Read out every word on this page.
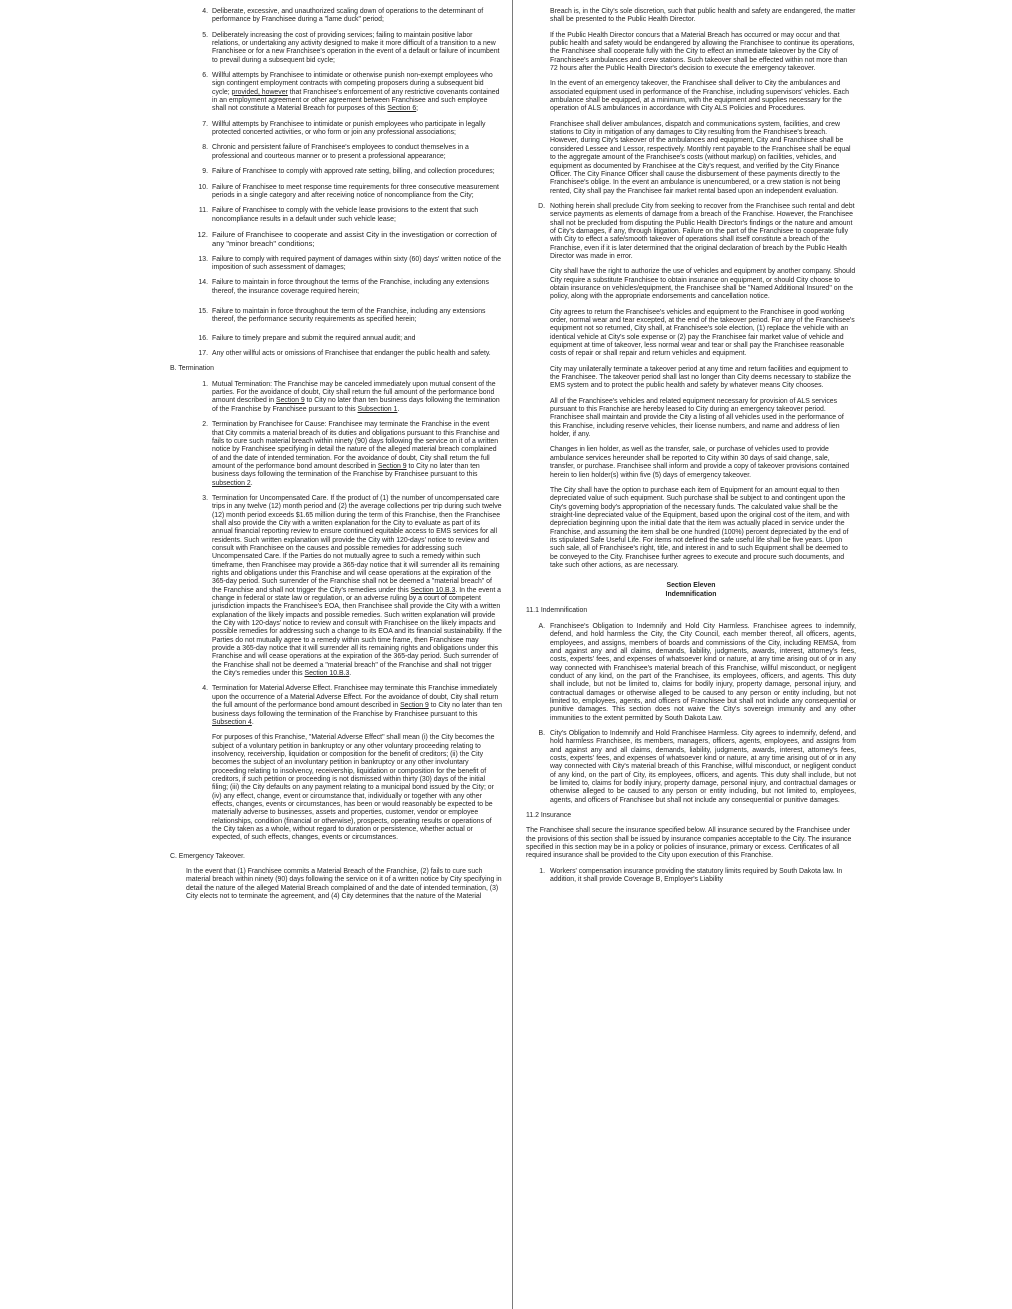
4. Deliberate, excessive, and unauthorized scaling down of operations to the determinant of performance by Franchisee during a "lame duck" period;
5. Deliberately increasing the cost of providing services; failing to maintain positive labor relations, or undertaking any activity designed to make it more difficult of a transition to a new Franchisee or for a new Franchisee's operation in the event of a default or failure of incumbent to prevail during a subsequent bid cycle;
6. Willful attempts by Franchisee to intimidate or otherwise punish non-exempt employees who sign contingent employment contracts with competing proposers during a subsequent bid cycle; provided, however that Franchisee's enforcement of any restrictive covenants contained in an employment agreement or other agreement between Franchisee and such employee shall not constitute a Material Breach for purposes of this Section 6;
7. Willful attempts by Franchisee to intimidate or punish employees who participate in legally protected concerted activities, or who form or join any professional associations;
8. Chronic and persistent failure of Franchisee's employees to conduct themselves in a professional and courteous manner or to present a professional appearance;
9. Failure of Franchisee to comply with approved rate setting, billing, and collection procedures;
10. Failure of Franchisee to meet response time requirements for three consecutive measurement periods in a single category and after receiving notice of noncompliance from the City;
11. Failure of Franchisee to comply with the vehicle lease provisions to the extent that such noncompliance results in a default under such vehicle lease;
12. Failure of Franchisee to cooperate and assist City in the investigation or correction of any "minor breach" conditions;
13. Failure to comply with required payment of damages within sixty (60) days' written notice of the imposition of such assessment of damages;
14. Failure to maintain in force throughout the terms of the Franchise, including any extensions thereof, the insurance coverage required herein;
15. Failure to maintain in force throughout the term of the Franchise, including any extensions thereof, the performance security requirements as specified herein;
16. Failure to timely prepare and submit the required annual audit; and
17. Any other willful acts or omissions of Franchisee that endanger the public health and safety.
B. Termination
1. Mutual Termination: The Franchise may be canceled immediately upon mutual consent of the parties. For the avoidance of doubt, City shall return the full amount of the performance bond amount described in Section 9 to City no later than ten business days following the termination of the Franchise by Franchisee pursuant to this Subsection 1.
2. Termination by Franchisee for Cause: Franchisee may terminate the Franchise in the event that City commits a material breach of its duties and obligations pursuant to this Franchise and fails to cure such material breach within ninety (90) days following the service on it of a written notice by Franchisee specifying in detail the nature of the alleged material breach complained of and the date of intended termination. For the avoidance of doubt, City shall return the full amount of the performance bond amount described in Section 9 to City no later than ten business days following the termination of the Franchise by Franchisee pursuant to this subsection 2.
3. Termination for Uncompensated Care. If the product of (1) the number of uncompensated care trips in any twelve (12) month period and (2) the average collections per trip during such twelve (12) month period exceeds $1.65 million during the term of this Franchise, then the Franchisee shall also provide the City with a written explanation for the City to evaluate as part of its annual financial reporting review to ensure continued equitable access to EMS services for all residents. Such written explanation will provide the City with 120-days' notice to review and consult with Franchisee on the causes and possible remedies for addressing such Uncompensated Care. If the Parties do not mutually agree to such a remedy within such timeframe, then Franchisee may provide a 365-day notice that it will surrender all its remaining rights and obligations under this Franchise and will cease operations at the expiration of the 365-day period. Such surrender of the Franchise shall not be deemed a "material breach" of the Franchise and shall not trigger the City's remedies under this Section 10.B.3. In the event a change in federal or state law or regulation, or an adverse ruling by a court of competent jurisdiction impacts the Franchisee's EOA, then Franchisee shall provide the City with a written explanation of the likely impacts and possible remedies. Such written explanation will provide the City with 120-days' notice to review and consult with Franchisee on the likely impacts and possible remedies for addressing such a change to its EOA and its financial sustainability. If the Parties do not mutually agree to a remedy within such time frame, then Franchisee may provide a 365-day notice that it will surrender all its remaining rights and obligations under this Franchise and will cease operations at the expiration of the 365-day period. Such surrender of the Franchise shall not be deemed a "material breach" of the Franchise and shall not trigger the City's remedies under this Section 10.B.3.
4. Termination for Material Adverse Effect. Franchisee may terminate this Franchise immediately upon the occurrence of a Material Adverse Effect. For the avoidance of doubt, City shall return the full amount of the performance bond amount described in Section 9 to City no later than ten business days following the termination of the Franchise by Franchisee pursuant to this Subsection 4.

For purposes of this Franchise, "Material Adverse Effect" shall mean (i) the City becomes the subject of a voluntary petition in bankruptcy or any other voluntary proceeding relating to insolvency, receivership, liquidation or composition for the benefit of creditors; (ii) the City becomes the subject of an involuntary petition in bankruptcy or any other involuntary proceeding relating to insolvency, receivership, liquidation or composition for the benefit of creditors, if such petition or proceeding is not dismissed within thirty (30) days of the initial filing; (iii) the City defaults on any payment relating to a municipal bond issued by the City; or (iv) any effect, change, event or circumstance that, individually or together with any other effects, changes, events or circumstances, has been or would reasonably be expected to be materially adverse to businesses, assets and properties, customer, vendor or employee relationships, condition (financial or otherwise), prospects, operating results or operations of the City taken as a whole, without regard to duration or persistence, whether actual or expected, of such effects, changes, events or circumstances.

C. Emergency Takeover.

In the event that (1) Franchisee commits a Material Breach of the Franchise, (2) fails to cure such material breach within ninety (90) days following the service on it of a written notice by City specifying in detail the nature of the alleged Material Breach complained of and the date of intended termination, (3) City elects not to terminate the agreement, and (4) City determines that the nature of the Material

Breach is, in the City's sole discretion, such that public health and safety are endangered, the matter shall be presented to the Public Health Director.

If the Public Health Director concurs that a Material Breach has occurred or may occur and that public health and safety would be endangered by allowing the Franchisee to continue its operations, the Franchisee shall cooperate fully with the City to effect an immediate takeover by the City of Franchisee's ambulances and crew stations. Such takeover shall be effected within not more than 72 hours after the Public Health Director's decision to execute the emergency takeover.

In the event of an emergency takeover, the Franchisee shall deliver to City the ambulances and associated equipment used in performance of the Franchise, including supervisors' vehicles. Each ambulance shall be equipped, at a minimum, with the equipment and supplies necessary for the operation of ALS ambulances in accordance with City ALS Policies and Procedures.

Franchisee shall deliver ambulances, dispatch and communications system, facilities, and crew stations to City in mitigation of any damages to City resulting from the Franchisee's breach. However, during City's takeover of the ambulances and equipment, City and Franchisee shall be considered Lessee and Lessor, respectively. Monthly rent payable to the Franchisee shall be equal to the aggregate amount of the Franchisee's costs (without markup) on facilities, vehicles, and equipment as documented by Franchisee at the City's request, and verified by the City Finance Officer. The City Finance Officer shall cause the disbursement of these payments directly to the Franchisee's oblige. In the event an ambulance is unencumbered, or a crew station is not being rented, City shall pay the Franchisee fair market rental based upon an independent evaluation.

D. Nothing herein shall preclude City from seeking to recover from the Franchisee such rental and debt service payments as elements of damage from a breach of the Franchise. However, the Franchisee shall not be precluded from disputing the Public Health Director's findings or the nature and amount of City's damages, if any, through litigation. Failure on the part of the Franchisee to cooperate fully with City to effect a safe/smooth takeover of operations shall itself constitute a breach of the Franchise, even if it is later determined that the original declaration of breach by the Public Health Director was made in error.

City shall have the right to authorize the use of vehicles and equipment by another company. Should City require a substitute Franchisee to obtain insurance on equipment, or should City choose to obtain insurance on vehicles/equipment, the Franchisee shall be "Named Additional Insured" on the policy, along with the appropriate endorsements and cancellation notice.

City agrees to return the Franchisee's vehicles and equipment to the Franchisee in good working order, normal wear and tear excepted, at the end of the takeover period. For any of the Franchisee's equipment not so returned, City shall, at Franchisee's sole election, (1) replace the vehicle with an identical vehicle at City's sole expense or (2) pay the Franchisee fair market value of vehicle and equipment at time of takeover, less normal wear and tear or shall pay the Franchisee reasonable costs of repair or shall repair and return vehicles and equipment.

City may unilaterally terminate a takeover period at any time and return facilities and equipment to the Franchisee. The takeover period shall last no longer than City deems necessary to stabilize the EMS system and to protect the public health and safety by whatever means City chooses.

All of the Franchisee's vehicles and related equipment necessary for provision of ALS services pursuant to this Franchise are hereby leased to City during an emergency takeover period. Franchisee shall maintain and provide the City a listing of all vehicles used in the performance of this Franchise, including reserve vehicles, their license numbers, and name and address of lien holder, if any.

Changes in lien holder, as well as the transfer, sale, or purchase of vehicles used to provide ambulance services hereunder shall be reported to City within 30 days of said change, sale, transfer, or purchase. Franchisee shall inform and provide a copy of takeover provisions contained herein to lien holder(s) within five (5) days of emergency takeover.

The City shall have the option to purchase each item of Equipment for an amount equal to then depreciated value of such equipment. Such purchase shall be subject to and contingent upon the City's governing body's appropriation of the necessary funds. The calculated value shall be the straight-line depreciated value of the Equipment, based upon the original cost of the item, and with depreciation beginning upon the initial date that the item was actually placed in service under the Franchise, and assuming the item shall be one hundred (100%) percent depreciated by the end of its stipulated Safe Useful Life. For items not defined the safe useful life shall be five years. Upon such sale, all of Franchisee's right, title, and interest in and to such Equipment shall be deemed to be conveyed to the City. Franchisee further agrees to execute and procure such documents, and take such other actions, as are necessary.

Section Eleven
Indemnification
11.1 Indemnification
A. Franchisee's Obligation to Indemnify and Hold City Harmless. Franchisee agrees to indemnify, defend, and hold harmless the City, the City Council, each member thereof, all officers, agents, employees, and assigns, members of boards and commissions of the City, including REMSA, from and against any and all claims, demands, liability, judgments, awards, interest, attorney's fees, costs, experts' fees, and expenses of whatsoever kind or nature, at any time arising out of or in any way connected with Franchisee's material breach of this Franchise, willful misconduct, or negligent conduct of any kind, on the part of the Franchisee, its employees, officers, and agents. This duty shall include, but not be limited to, claims for bodily injury, property damage, personal injury, and contractual damages or otherwise alleged to be caused to any person or entity including, but not limited to, employees, agents, and officers of Franchisee but shall not include any consequential or punitive damages. This section does not waive the City's sovereign immunity and any other immunities to the extent permitted by South Dakota Law.
B. City's Obligation to Indemnify and Hold Franchisee Harmless. City agrees to indemnify, defend, and hold harmless Franchisee, its members, managers, officers, agents, employees, and assigns from and against any and all claims, demands, liability, judgments, awards, interest, attorney's fees, costs, experts' fees, and expenses of whatsoever kind or nature, at any time arising out of or in any way connected with City's material breach of this Franchise, willful misconduct, or negligent conduct of any kind, on the part of City, its employees, officers, and agents. This duty shall include, but not be limited to, claims for bodily injury, property damage, personal injury, and contractual damages or otherwise alleged to be caused to any person or entity including, but not limited to, employees, agents, and officers of Franchisee but shall not include any consequential or punitive damages.
11.2 Insurance

The Franchisee shall secure the insurance specified below. All insurance secured by the Franchisee under the provisions of this section shall be issued by insurance companies acceptable to the City. The insurance specified in this section may be in a policy or policies of insurance, primary or excess. Certificates of all required insurance shall be provided to the City upon execution of this Franchise.

1. Workers' compensation insurance providing the statutory limits required by South Dakota law. In addition, it shall provide Coverage B, Employer's Liability
